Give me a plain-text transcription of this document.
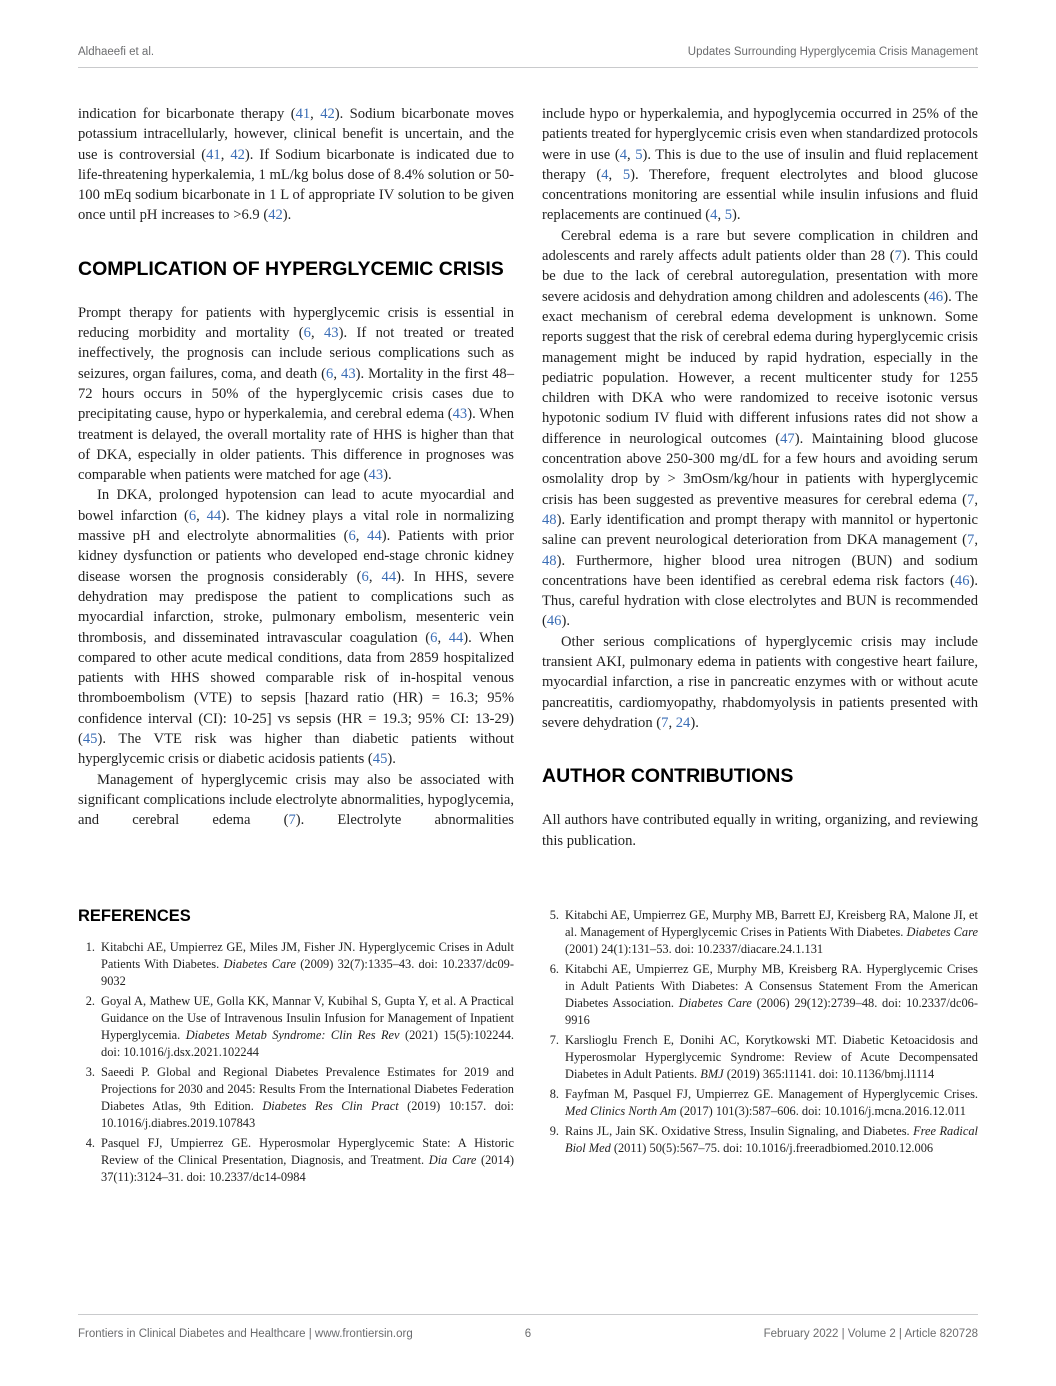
Aldhaeefi et al.	Updates Surrounding Hyperglycemia Crisis Management

indication for bicarbonate therapy (41, 42). Sodium bicarbonate moves potassium intracellularly, however, clinical benefit is uncertain, and the use is controversial (41, 42). If Sodium bicarbonate is indicated due to life-threatening hyperkalemia, 1 mL/kg bolus dose of 8.4% solution or 50-100 mEq sodium bicarbonate in 1 L of appropriate IV solution to be given once until pH increases to >6.9 (42).

COMPLICATION OF HYPERGLYCEMIC CRISIS

Prompt therapy for patients with hyperglycemic crisis is essential in reducing morbidity and mortality (6, 43). If not treated or treated ineffectively, the prognosis can include serious complications such as seizures, organ failures, coma, and death (6, 43). Mortality in the first 48–72 hours occurs in 50% of the hyperglycemic crisis cases due to precipitating cause, hypo or hyperkalemia, and cerebral edema (43). When treatment is delayed, the overall mortality rate of HHS is higher than that of DKA, especially in older patients. This difference in prognoses was comparable when patients were matched for age (43).

In DKA, prolonged hypotension can lead to acute myocardial and bowel infarction (6, 44). The kidney plays a vital role in normalizing massive pH and electrolyte abnormalities (6, 44). Patients with prior kidney dysfunction or patients who developed end-stage chronic kidney disease worsen the prognosis considerably (6, 44). In HHS, severe dehydration may predispose the patient to complications such as myocardial infarction, stroke, pulmonary embolism, mesenteric vein thrombosis, and disseminated intravascular coagulation (6, 44). When compared to other acute medical conditions, data from 2859 hospitalized patients with HHS showed comparable risk of in-hospital venous thromboembolism (VTE) to sepsis [hazard ratio (HR) = 16.3; 95% confidence interval (CI): 10-25] vs sepsis (HR = 19.3; 95% CI: 13-29) (45). The VTE risk was higher than diabetic patients without hyperglycemic crisis or diabetic acidosis patients (45).

Management of hyperglycemic crisis may also be associated with significant complications include electrolyte abnormalities, hypoglycemia, and cerebral edema (7). Electrolyte abnormalities

include hypo or hyperkalemia, and hypoglycemia occurred in 25% of the patients treated for hyperglycemic crisis even when standardized protocols were in use (4, 5). This is due to the use of insulin and fluid replacement therapy (4, 5). Therefore, frequent electrolytes and blood glucose concentrations monitoring are essential while insulin infusions and fluid replacements are continued (4, 5).

Cerebral edema is a rare but severe complication in children and adolescents and rarely affects adult patients older than 28 (7). This could be due to the lack of cerebral autoregulation, presentation with more severe acidosis and dehydration among children and adolescents (46). The exact mechanism of cerebral edema development is unknown. Some reports suggest that the risk of cerebral edema during hyperglycemic crisis management might be induced by rapid hydration, especially in the pediatric population. However, a recent multicenter study for 1255 children with DKA who were randomized to receive isotonic versus hypotonic sodium IV fluid with different infusions rates did not show a difference in neurological outcomes (47). Maintaining blood glucose concentration above 250-300 mg/dL for a few hours and avoiding serum osmolality drop by > 3mOsm/kg/hour in patients with hyperglycemic crisis has been suggested as preventive measures for cerebral edema (7, 48). Early identification and prompt therapy with mannitol or hypertonic saline can prevent neurological deterioration from DKA management (7, 48). Furthermore, higher blood urea nitrogen (BUN) and sodium concentrations have been identified as cerebral edema risk factors (46). Thus, careful hydration with close electrolytes and BUN is recommended (46).

Other serious complications of hyperglycemic crisis may include transient AKI, pulmonary edema in patients with congestive heart failure, myocardial infarction, a rise in pancreatic enzymes with or without acute pancreatitis, cardiomyopathy, rhabdomyolysis in patients presented with severe dehydration (7, 24).

AUTHOR CONTRIBUTIONS

All authors have contributed equally in writing, organizing, and reviewing this publication.

REFERENCES
1. Kitabchi AE, Umpierrez GE, Miles JM, Fisher JN. Hyperglycemic Crises in Adult Patients With Diabetes. Diabetes Care (2009) 32(7):1335–43. doi: 10.2337/dc09-9032
2. Goyal A, Mathew UE, Golla KK, Mannar V, Kubihal S, Gupta Y, et al. A Practical Guidance on the Use of Intravenous Insulin Infusion for Management of Inpatient Hyperglycemia. Diabetes Metab Syndrome: Clin Res Rev (2021) 15(5):102244. doi: 10.1016/j.dsx.2021.102244
3. Saeedi P. Global and Regional Diabetes Prevalence Estimates for 2019 and Projections for 2030 and 2045: Results From the International Diabetes Federation Diabetes Atlas, 9th Edition. Diabetes Res Clin Pract (2019) 10:157. doi: 10.1016/j.diabres.2019.107843
4. Pasquel FJ, Umpierrez GE. Hyperosmolar Hyperglycemic State: A Historic Review of the Clinical Presentation, Diagnosis, and Treatment. Dia Care (2014) 37(11):3124–31. doi: 10.2337/dc14-0984
5. Kitabchi AE, Umpierrez GE, Murphy MB, Barrett EJ, Kreisberg RA, Malone JI, et al. Management of Hyperglycemic Crises in Patients With Diabetes. Diabetes Care (2001) 24(1):131–53. doi: 10.2337/diacare.24.1.131
6. Kitabchi AE, Umpierrez GE, Murphy MB, Kreisberg RA. Hyperglycemic Crises in Adult Patients With Diabetes: A Consensus Statement From the American Diabetes Association. Diabetes Care (2006) 29(12):2739–48. doi: 10.2337/dc06-9916
7. Karslioglu French E, Donihi AC, Korytkowski MT. Diabetic Ketoacidosis and Hyperosmolar Hyperglycemic Syndrome: Review of Acute Decompensated Diabetes in Adult Patients. BMJ (2019) 365:l1141. doi: 10.1136/bmj.l1114
8. Fayfman M, Pasquel FJ, Umpierrez GE. Management of Hyperglycemic Crises. Med Clinics North Am (2017) 101(3):587–606. doi: 10.1016/j.mcna.2016.12.011
9. Rains JL, Jain SK. Oxidative Stress, Insulin Signaling, and Diabetes. Free Radical Biol Med (2011) 50(5):567–75. doi: 10.1016/j.freeradbiomed.2010.12.006
Frontiers in Clinical Diabetes and Healthcare | www.frontiersin.org	6	February 2022 | Volume 2 | Article 820728
